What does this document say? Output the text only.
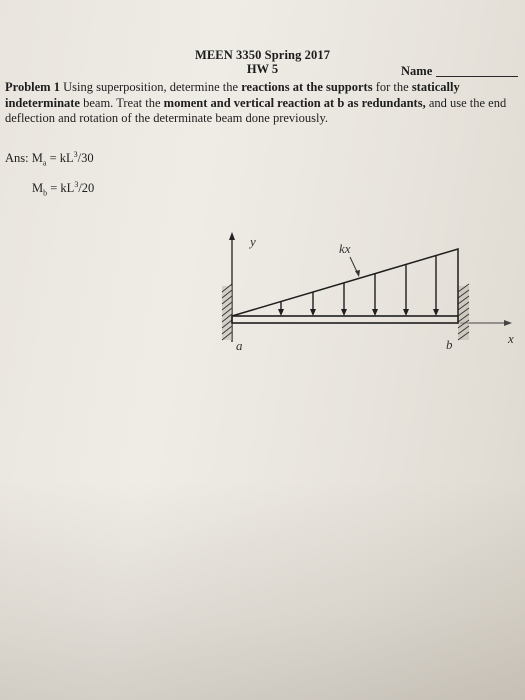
MEEN 3350 Spring 2017
HW 5	Name
Problem 1 Using superposition, determine the reactions at the supports for the statically indeterminate beam. Treat the moment and vertical reaction at b as redundants, and use the end deflection and rotation of the determinate beam done previously.
Ans: $M_a = kL^3/30$
$M_b = kL^3/20$
y
x
kx
a	b
